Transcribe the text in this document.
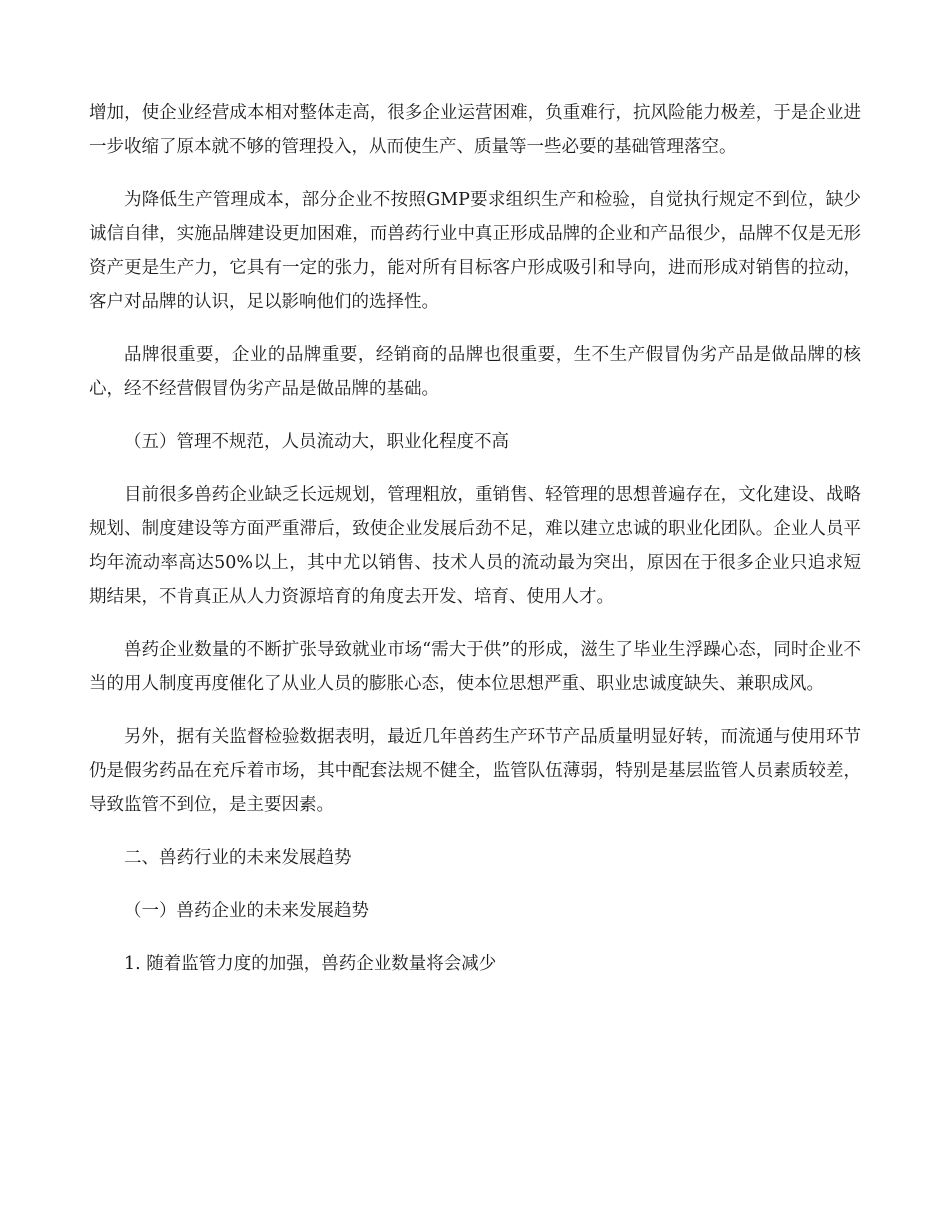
增加，使企业经营成本相对整体走高，很多企业运营困难，负重难行，抗风险能力极差，于是企业进一步收缩了原本就不够的管理投入，从而使生产、质量等一些必要的基础管理落空。

为降低生产管理成本，部分企业不按照GMP要求组织生产和检验，自觉执行规定不到位，缺少诚信自律，实施品牌建设更加困难，而兽药行业中真正形成品牌的企业和产品很少，品牌不仅是无形资产更是生产力，它具有一定的张力，能对所有目标客户形成吸引和导向，进而形成对销售的拉动，客户对品牌的认识，足以影响他们的选择性。

品牌很重要，企业的品牌重要，经销商的品牌也很重要，生不生产假冒伪劣产品是做品牌的核心，经不经营假冒伪劣产品是做品牌的基础。

（五）管理不规范，人员流动大，职业化程度不高

目前很多兽药企业缺乏长远规划，管理粗放，重销售、轻管理的思想普遍存在，文化建设、战略规划、制度建设等方面严重滞后，致使企业发展后劲不足，难以建立忠诚的职业化团队。企业人员平均年流动率高达50%以上，其中尤以销售、技术人员的流动最为突出，原因在于很多企业只追求短期结果，不肯真正从人力资源培育的角度去开发、培育、使用人才。

兽药企业数量的不断扩张导致就业市场“需大于供”的形成，滋生了毕业生浮躁心态，同时企业不当的用人制度再度催化了从业人员的膨胀心态，使本位思想严重、职业忠诚度缺失、兼职成风。

另外，据有关监督检验数据表明，最近几年兽药生产环节产品质量明显好转，而流通与使用环节仍是假劣药品在充斥着市场，其中配套法规不健全，监管队伍薄弱，特别是基层监管人员素质较差，导致监管不到位，是主要因素。

二、兽药行业的未来发展趋势

（一）兽药企业的未来发展趋势

1. 随着监管力度的加强，兽药企业数量将会减少
